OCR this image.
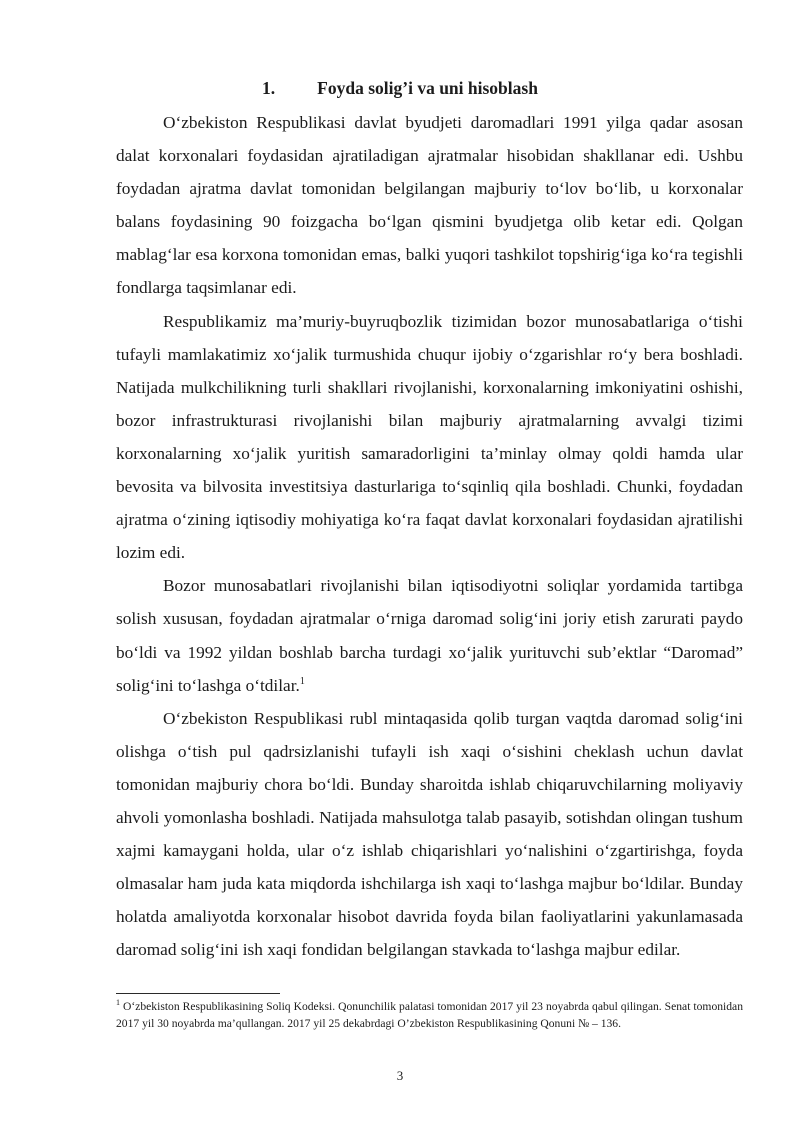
1. Foyda solig’i va uni hisoblash

O‘zbekiston Respublikasi davlat byudjeti daromadlari 1991 yilga qadar asosan dalat korxonalari foydasidan ajratiladigan ajratmalar hisobidan shakllanar edi. Ushbu foydadan ajratma davlat tomonidan belgilangan majburiy to‘lov bo‘lib, u korxonalar balans foydasining 90 foizgacha bo‘lgan qismini byudjetga olib ketar edi. Qolgan mablag‘lar esa korxona tomonidan emas, balki yuqori tashkilot topshirig‘iga ko‘ra tegishli fondlarga taqsimlanar edi.

Respublikamiz ma’muriy-buyruqbozlik tizimidan bozor munosabatlariga o‘tishi tufayli mamlakatimiz xo‘jalik turmushida chuqur ijobiy o‘zgarishlar ro‘y bera boshladi. Natijada mulkchilikning turli shakllari rivojlanishi, korxonalarning imkoniyatini oshishi, bozor infrastrukturasi rivojlanishi bilan majburiy ajratmalarning avvalgi tizimi korxonalarning xo‘jalik yuritish samaradorligini ta’minlay olmay qoldi hamda ular bevosita va bilvosita investitsiya dasturlariga to‘sqinliq qila boshladi. Chunki, foydadan ajratma o‘zining iqtisodiy mohiyatiga ko‘ra faqat davlat korxonalari foydasidan ajratilishi lozim edi.

Bozor munosabatlari rivojlanishi bilan iqtisodiyotni soliqlar yordamida tartibga solish xususan, foydadan ajratmalar o‘rniga daromad solig‘ini joriy etish zarurati paydo bo‘ldi va 1992 yildan boshlab barcha turdagi xo‘jalik yurituvchi sub’ektlar “Daromad” solig‘ini to‘lashga o‘tdilar.$^1$

O‘zbekiston Respublikasi rubl mintaqasida qolib turgan vaqtda daromad solig‘ini olishga o‘tish pul qadrsizlanishi tufayli ish xaqi o‘sishini cheklash uchun davlat tomonidan majburiy chora bo‘ldi. Bunday sharoitda ishlab chiqaruvchilarning moliyaviy ahvoli yomonlasha boshladi. Natijada mahsulotga talab pasayib, sotishdan olingan tushum xajmi kamaygani holda, ular o‘z ishlab chiqarishlari yo‘nalishini o‘zgartirishga, foyda olmasalar ham juda kata miqdorda ishchilarga ish xaqi to‘lashga majbur bo‘ldilar. Bunday holatda amaliyotda korxonalar hisobot davrida foyda bilan faoliyatlarini yakunlamasada daromad solig‘ini ish xaqi fondidan belgilangan stavkada to‘lashga majbur edilar.

$^1$ O‘zbekiston Respublikasining Soliq Kodeksi. Qonunchilik palatasi tomonidan 2017 yil 23 noyabrda qabul qilingan. Senat tomonidan 2017 yil 30 noyabrda ma’qullangan. 2017 yil 25 dekabrdagi O’zbekiston Respublikasining Qonuni № – 136.
3
